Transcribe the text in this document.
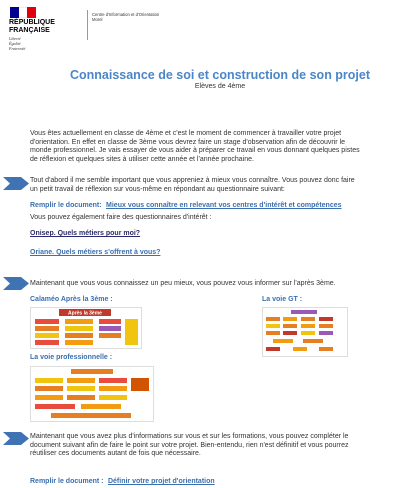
RÉPUBLIQUE
FRANÇAISE
Liberté
Égalité
Fraternité
Centre d'Information et d'Orientation
Morel
Connaissance de soi et construction de son projet
Elèves de 4ème
Vous êtes actuellement en classe de 4ème et c'est le moment de commencer à travailler votre projet
d'orientation. En effet en classe de 3ème vous devrez faire un stage d'observation afin de découvrir le
monde professionnel. Je vais essayer de vous aider à préparer ce travail en vous donnant quelques pistes
de réflexion et quelques sites à utiliser cette année et l'année prochaine.
Tout d'abord il me semble important que vous appreniez à mieux vous connaître. Vous pouvez donc faire
un petit travail de réflexion sur vous-même en répondant au questionnaire suivant:
Remplir le document: Mieux vous connaître en relevant vos centres d'intérêt et compétences
Vous pouvez également faire des questionnaires d'intérêt :
Onisep. Quels métiers pour moi?
Oriane. Quels métiers s'offrent à vous?
Maintenant que vous vous connaissez un peu mieux, vous pouvez vous informer sur l'après 3ème.
Calaméo Après la 3ème :	La voie GT :
Après la 3ème
La voie professionnelle :
Maintenant que vous avez plus d'informations sur vous et sur les formations, vous pouvez compléter le
document suivant afin de faire le point sur votre projet. Bien-entendu, rien n'est définitif et vous pourrez
réutiliser ces documents autant de fois que nécessaire.
Remplir le document : Définir votre projet d'orientation
